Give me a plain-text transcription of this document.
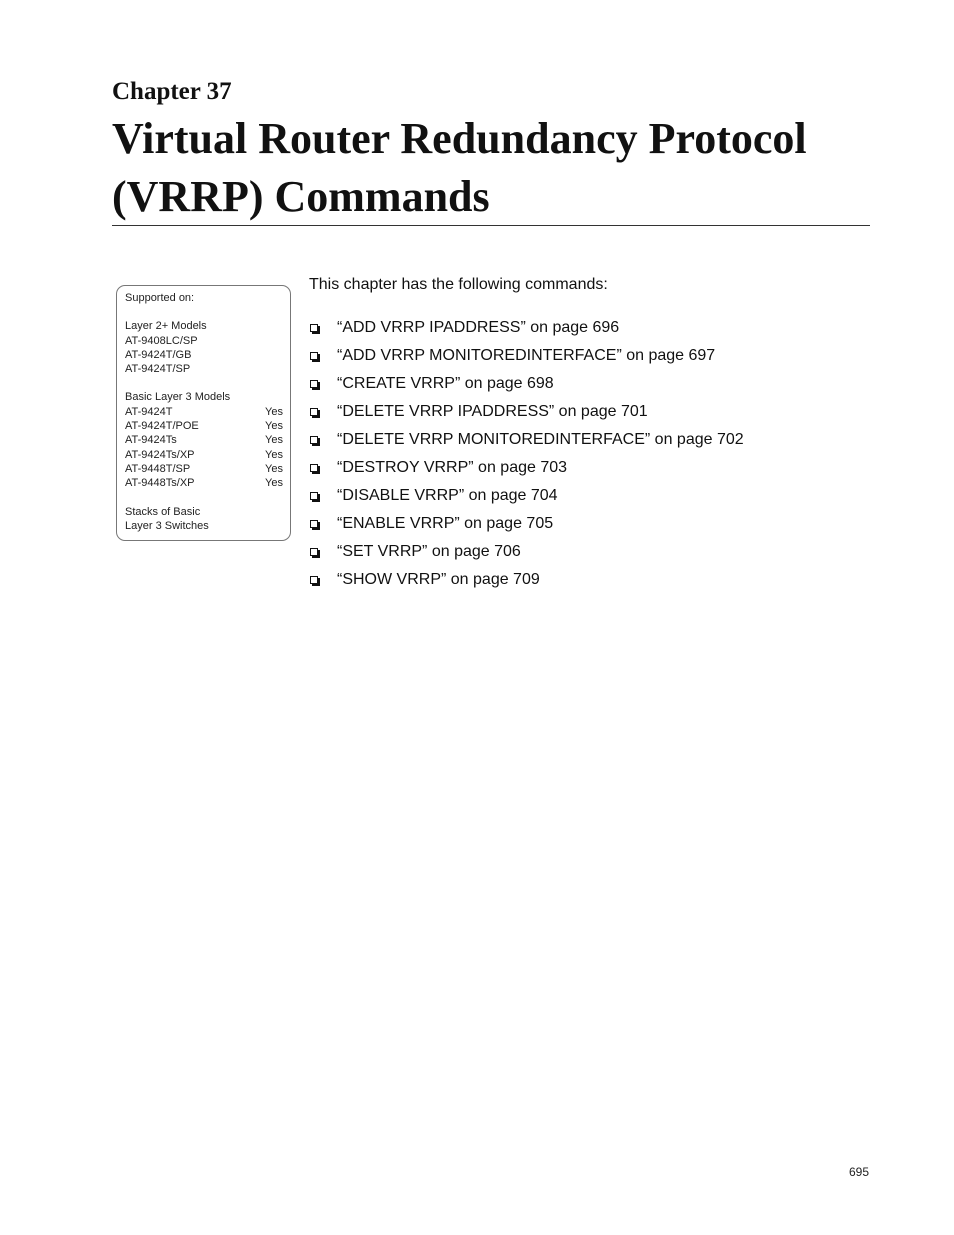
Chapter 37
Virtual Router Redundancy Protocol (VRRP) Commands
Supported on:
Layer 2+ Models
AT-9408LC/SP
AT-9424T/GB
AT-9424T/SP
Basic Layer 3 Models
AT-9424T	Yes
AT-9424T/POE	Yes
AT-9424Ts	Yes
AT-9424Ts/XP	Yes
AT-9448T/SP	Yes
AT-9448Ts/XP	Yes
Stacks of Basic
Layer 3 Switches

This chapter has the following commands:

“ADD VRRP IPADDRESS” on page 696
“ADD VRRP MONITOREDINTERFACE” on page 697
“CREATE VRRP” on page 698
“DELETE VRRP IPADDRESS” on page 701
“DELETE VRRP MONITOREDINTERFACE” on page 702
“DESTROY VRRP” on page 703
“DISABLE VRRP” on page 704
“ENABLE VRRP” on page 705
“SET VRRP” on page 706
“SHOW VRRP” on page 709
695
